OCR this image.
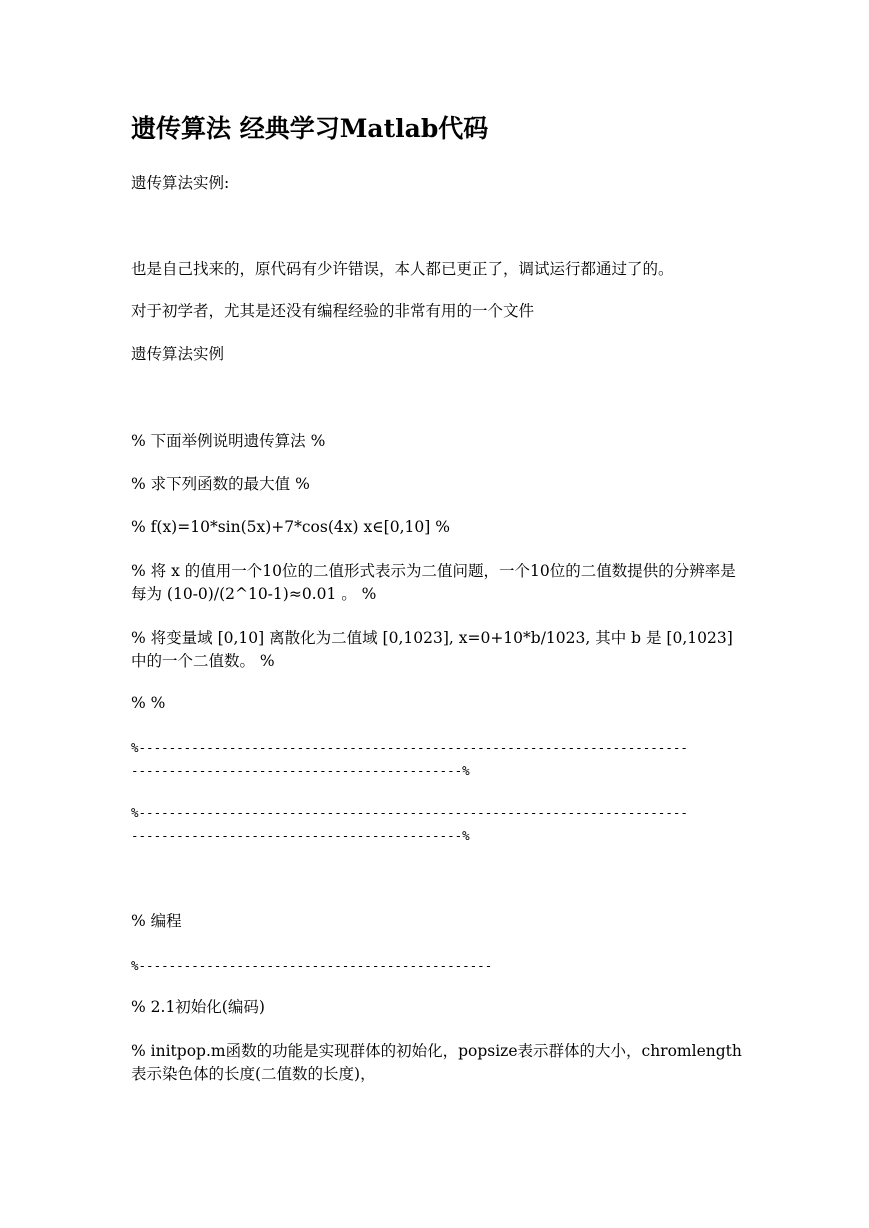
遗传算法 经典学习Matlab代码
遗传算法实例:
也是自己找来的，原代码有少许错误，本人都已更正了，调试运行都通过了的。
对于初学者，尤其是还没有编程经验的非常有用的一个文件
遗传算法实例
% 下面举例说明遗传算法 %
% 求下列函数的最大值 %
% f(x)=10*sin(5x)+7*cos(4x) x∈[0,10] %
% 将 x 的值用一个10位的二值形式表示为二值问题，一个10位的二值数提供的分辨率是每为 (10-0)/(2^10-1)≈0.01 。 %
% 将变量域 [0,10] 离散化为二值域 [0,1023], x=0+10*b/1023, 其中 b 是 [0,1023] 中的一个二值数。 %
% %
%-------------------------------------------------------------------------
--------------------------------------------%
%-------------------------------------------------------------------------
--------------------------------------------%
% 编程
%-----------------------------------------------
% 2.1初始化(编码)
% initpop.m函数的功能是实现群体的初始化，popsize表示群体的大小，chromlength表示染色体的长度(二值数的长度)，
